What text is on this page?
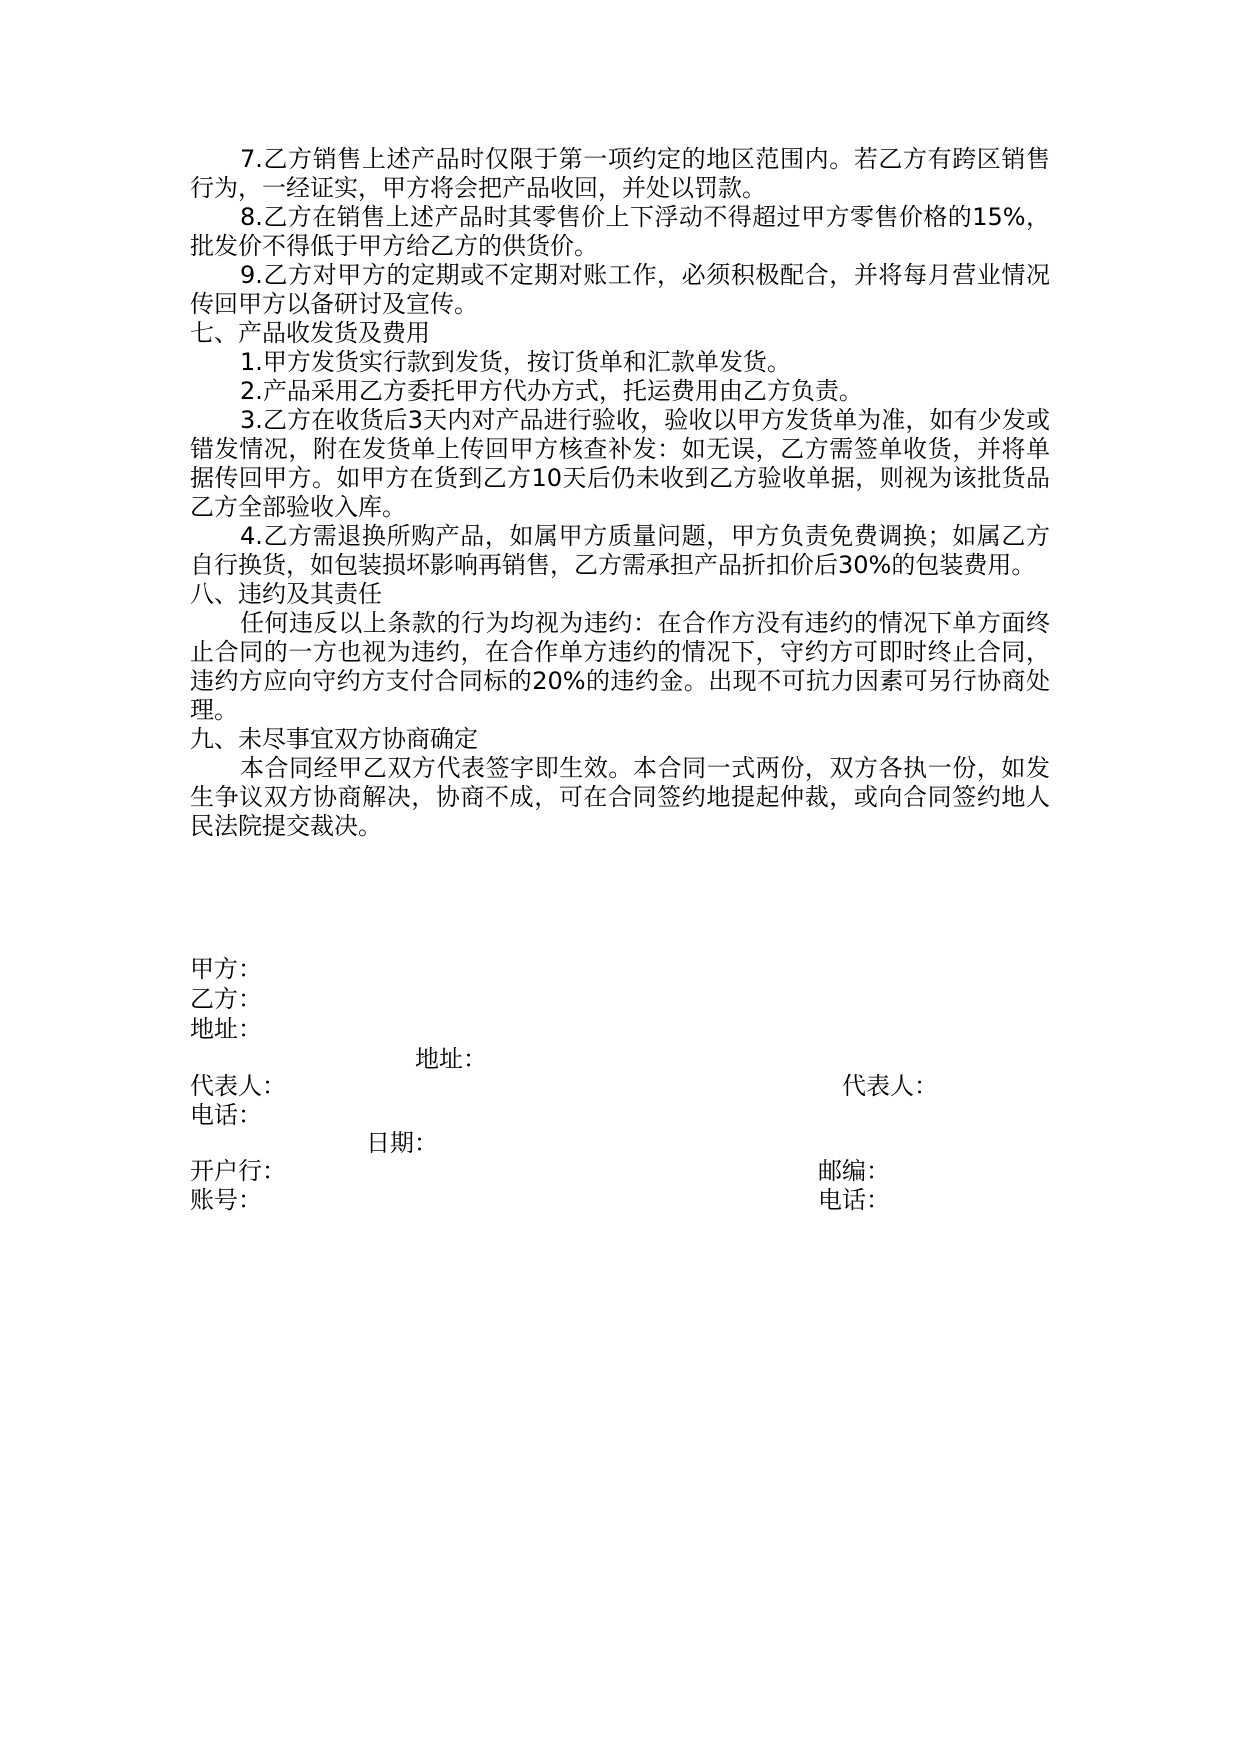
7.乙方销售上述产品时仅限于第一项约定的地区范围内。若乙方有跨区销售行为，一经证实，甲方将会把产品收回，并处以罚款。

8.乙方在销售上述产品时其零售价上下浮动不得超过甲方零售价格的15%，批发价不得低于甲方给乙方的供货价。

9.乙方对甲方的定期或不定期对账工作，必须积极配合，并将每月营业情况传回甲方以备研讨及宣传。

七、产品收发货及费用

1.甲方发货实行款到发货，按订货单和汇款单发货。

2.产品采用乙方委托甲方代办方式，托运费用由乙方负责。

3.乙方在收货后3天内对产品进行验收，验收以甲方发货单为准，如有少发或错发情况，附在发货单上传回甲方核查补发：如无误，乙方需签单收货，并将单据传回甲方。如甲方在货到乙方10天后仍未收到乙方验收单据，则视为该批货品乙方全部验收入库。

4.乙方需退换所购产品，如属甲方质量问题，甲方负责免费调换；如属乙方自行换货，如包装损坏影响再销售，乙方需承担产品折扣价后30%的包装费用。

八、违约及其责任

任何违反以上条款的行为均视为违约：在合作方没有违约的情况下单方面终止合同的一方也视为违约，在合作单方违约的情况下，守约方可即时终止合同，违约方应向守约方支付合同标的20%的违约金。出现不可抗力因素可另行协商处理。

九、未尽事宜双方协商确定

本合同经甲乙双方代表签字即生效。本合同一式两份，双方各执一份，如发生争议双方协商解决，协商不成，可在合同签约地提起仲裁，或向合同签约地人民法院提交裁决。

甲方：
乙方：
地址：
地址：
代表人：	代表人：
电话：
日期：
开户行：	邮编：
账号：	电话：
